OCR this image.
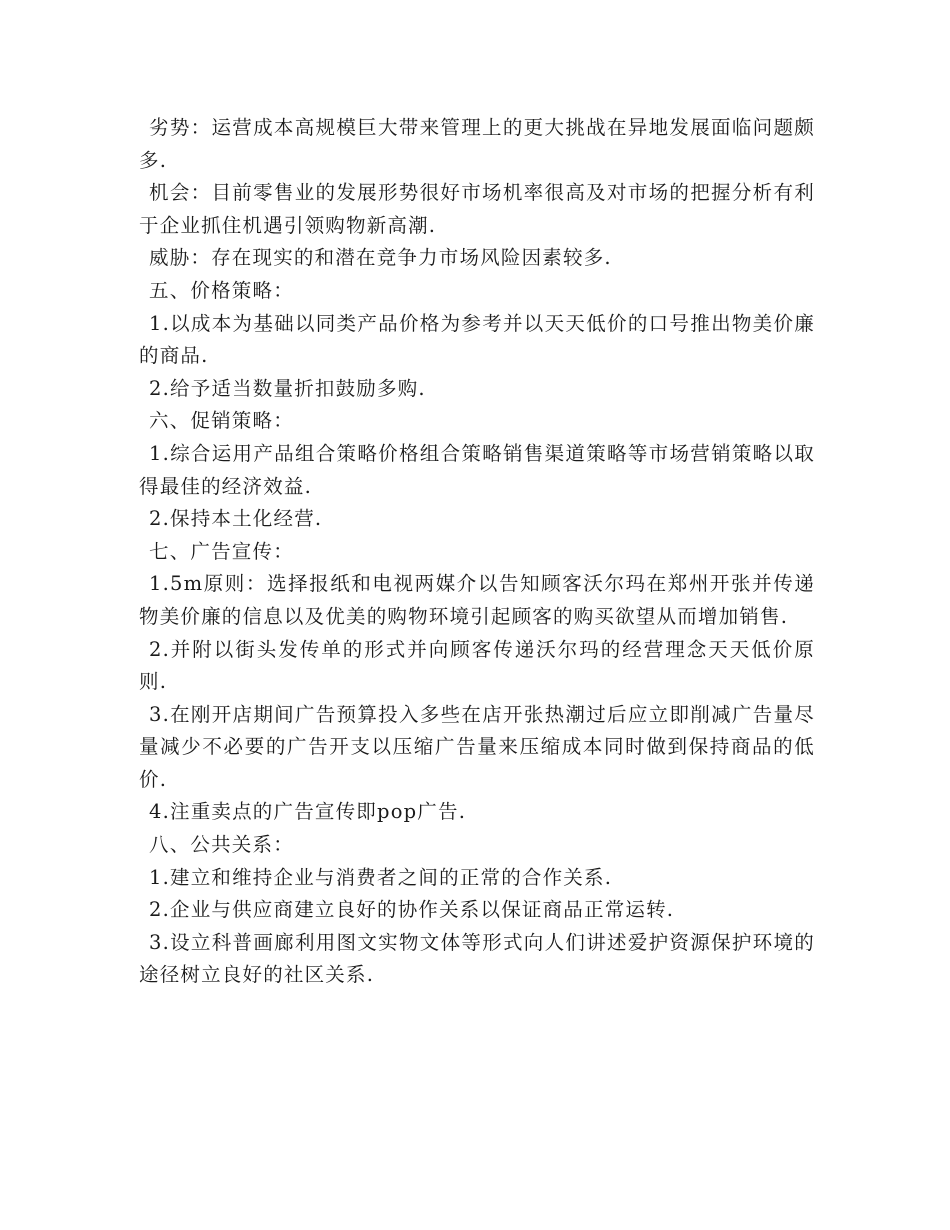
劣势：运营成本高规模巨大带来管理上的更大挑战在异地发展面临问题颇多.

机会：目前零售业的发展形势很好市场机率很高及对市场的把握分析有利于企业抓住机遇引领购物新高潮.

威胁：存在现实的和潜在竞争力市场风险因素较多.

五、价格策略：

1.以成本为基础以同类产品价格为参考并以天天低价的口号推出物美价廉的商品.

2.给予适当数量折扣鼓励多购.

六、促销策略：

1.综合运用产品组合策略价格组合策略销售渠道策略等市场营销策略以取得最佳的经济效益.

2.保持本土化经营.

七、广告宣传：

1.5m原则：选择报纸和电视两媒介以告知顾客沃尔玛在郑州开张并传递物美价廉的信息以及优美的购物环境引起顾客的购买欲望从而增加销售.

2.并附以街头发传单的形式并向顾客传递沃尔玛的经营理念天天低价原则.

3.在刚开店期间广告预算投入多些在店开张热潮过后应立即削减广告量尽量减少不必要的广告开支以压缩广告量来压缩成本同时做到保持商品的低价.

4.注重卖点的广告宣传即pop广告.

八、公共关系：

1.建立和维持企业与消费者之间的正常的合作关系.

2.企业与供应商建立良好的协作关系以保证商品正常运转.

3.设立科普画廊利用图文实物文体等形式向人们讲述爱护资源保护环境的途径树立良好的社区关系.
